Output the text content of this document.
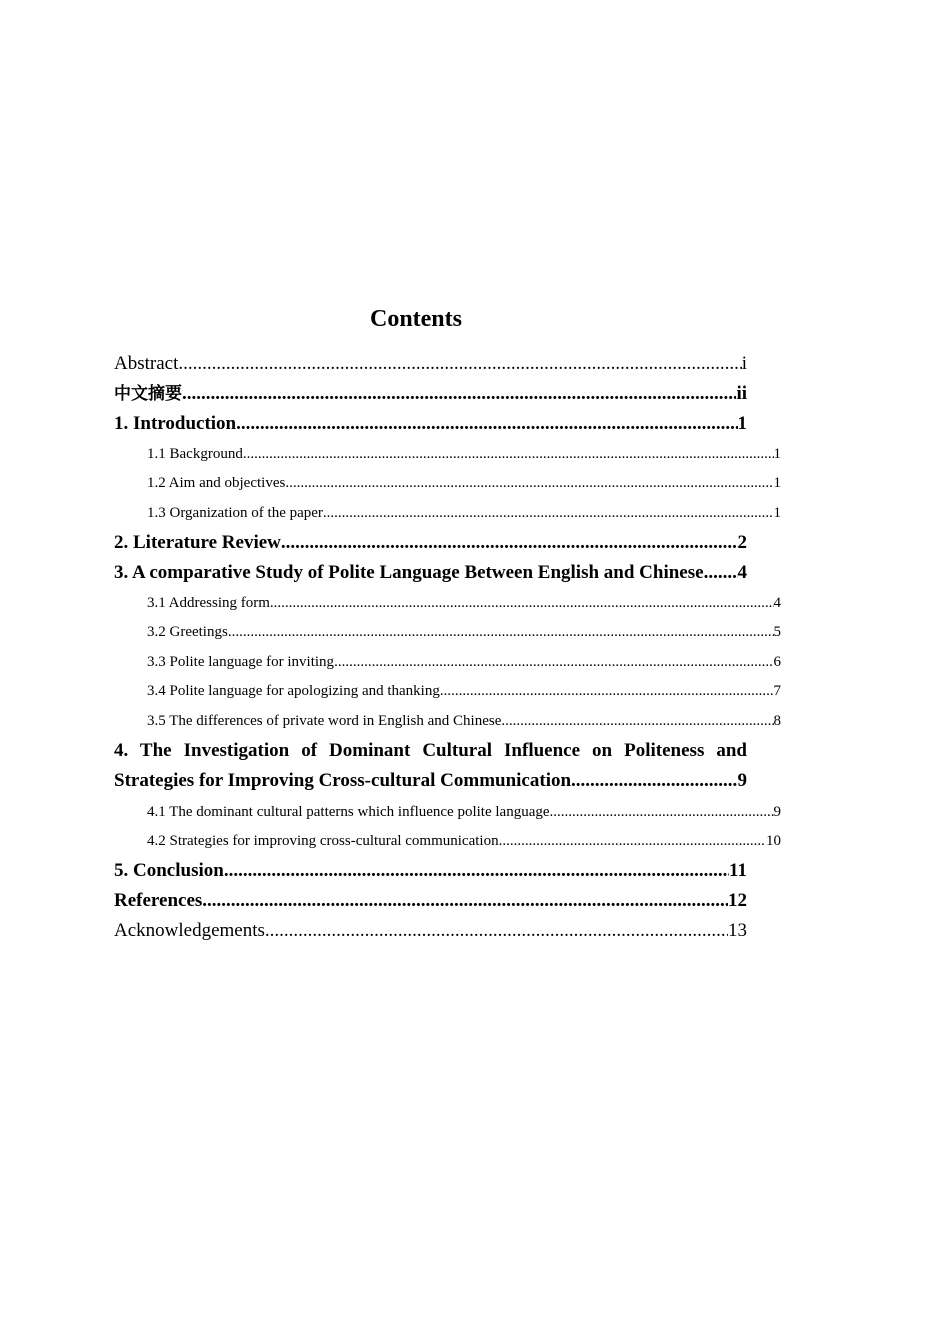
Contents
Abstract .....	i
中文摘要 .....	ii
1. Introduction .....	1
1.1 Background .....	1
1.2 Aim and objectives .....	1
1.3 Organization of the paper .....	1
2. Literature Review .....	2
3. A comparative Study of Polite Language Between English and Chinese ..... 4
3.1 Addressing form .....	4
3.2 Greetings .....	5
3.3 Polite language for inviting .....	6
3.4 Polite language for apologizing and thanking .....	7
3.5 The differences of private word in English and Chinese .....	8
4. The Investigation of Dominant Cultural Influence on Politeness and
Strategies for Improving Cross-cultural Communication .....	9
4.1 The dominant cultural patterns which influence polite language .....	9
4.2 Strategies for improving cross-cultural communication .....	10
5. Conclusion .....	11
References .....	12
Acknowledgements .....	13
